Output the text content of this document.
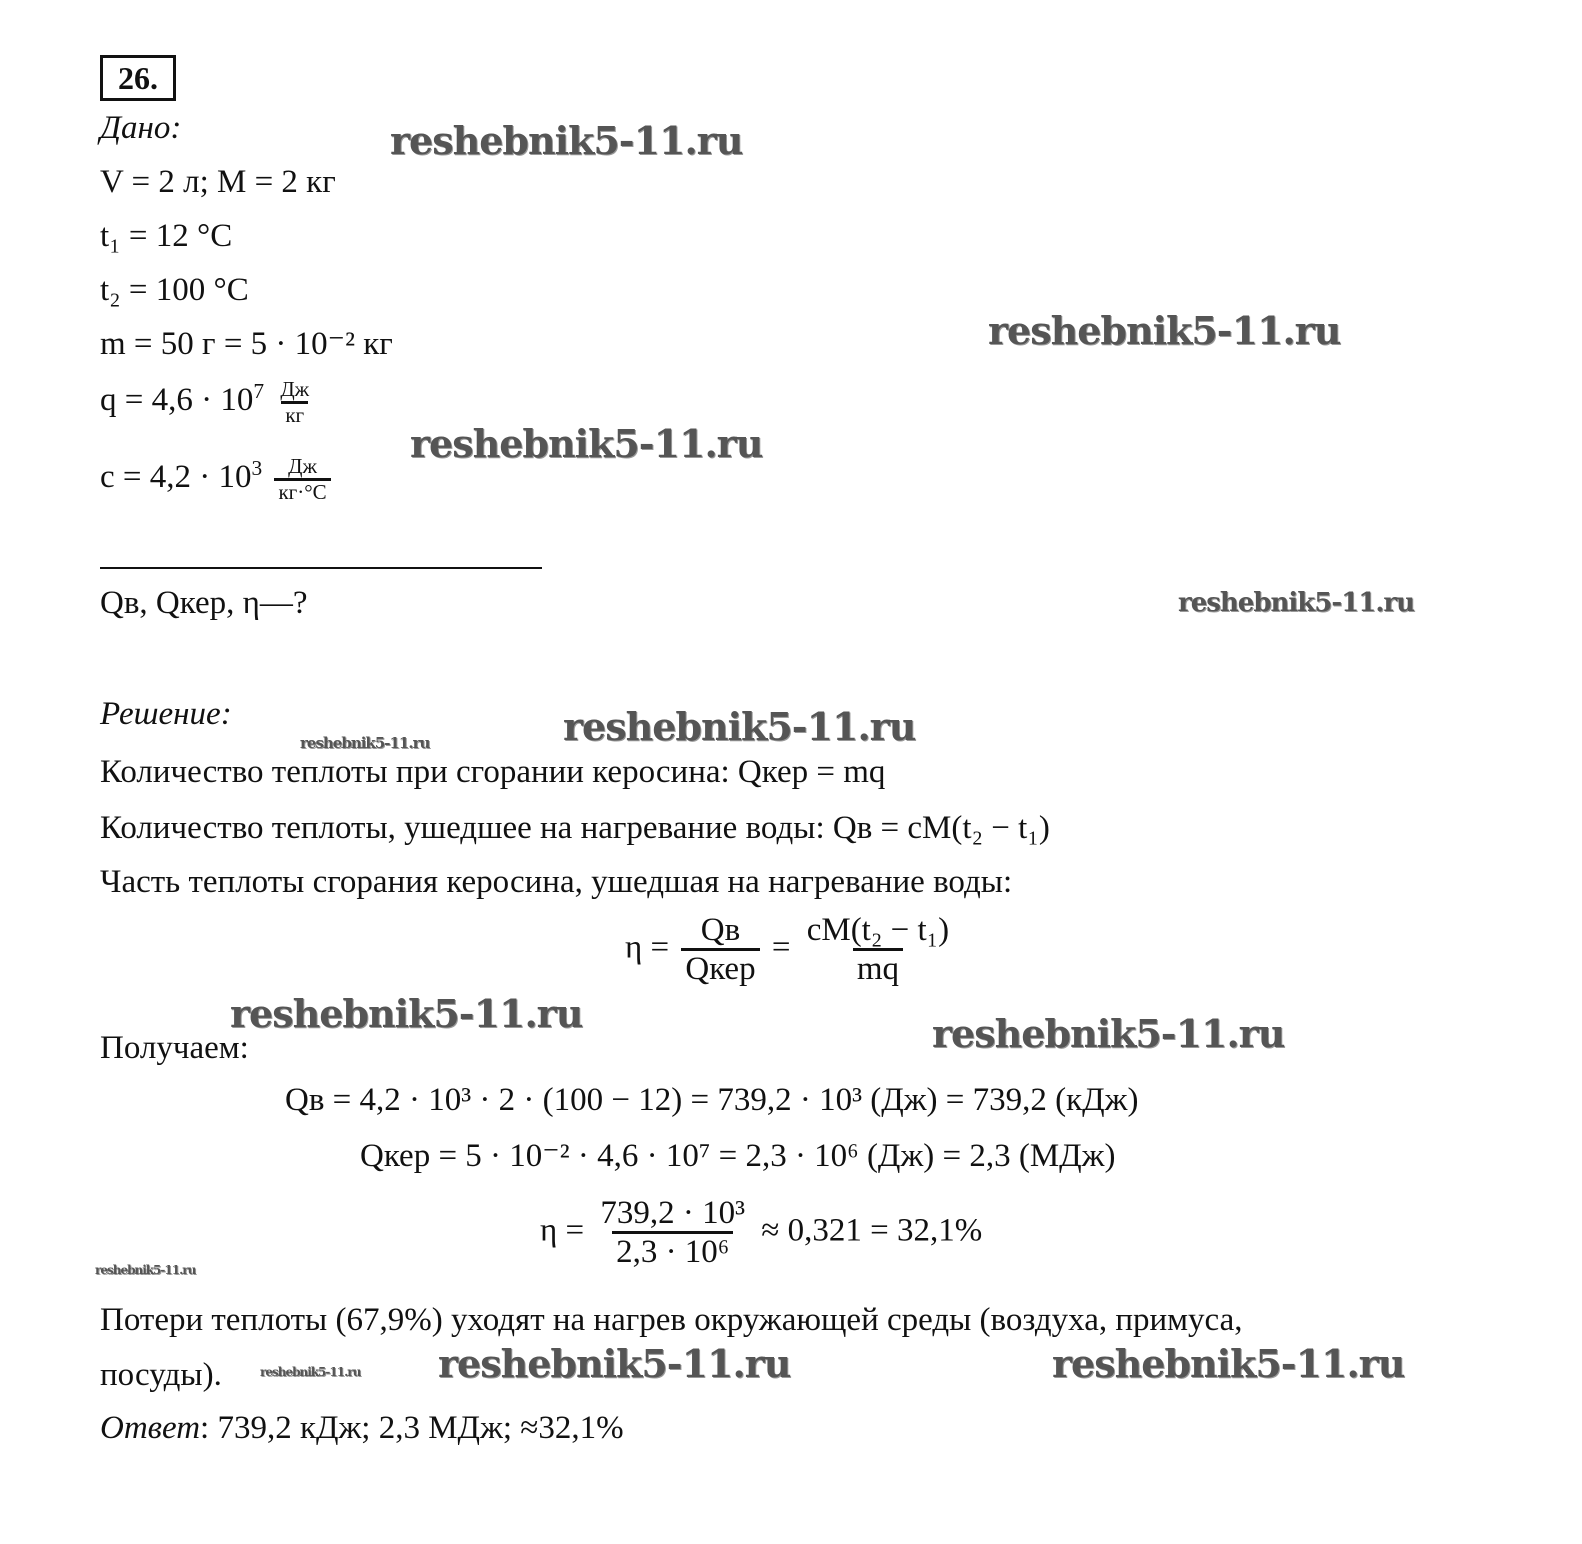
26.
Дано:
V = 2 л; M = 2 кг
t₁ = 12 °C
t₂ = 100 °C
m = 50 г = 5 · 10⁻² кг
$q = 4,6 \cdot 10^7 \frac{Дж}{кг}$
$c = 4,2 \cdot 10^3 \frac{Дж}{кг\cdot^\circ C}$
Qв, Qкер, η—?
Решение:
Количество теплоты при сгорании керосина: Qкер = mq
Количество теплоты, ушедшее на нагревание воды: Qв = cM(t₂ − t₁)
Часть теплоты сгорания керосина, ушедшая на нагревание воды:
$\eta = \frac{Qв}{\text{Qкер}} = \frac{\text{cM(t₂ − t₁)}}{mq}$
Получаем:
Qв = 4,2 · 10³ · 2 · (100 − 12) = 739,2 · 10³ (Дж) = 739,2 (кДж)
Qкер = 5 · 10⁻² · 4,6 · 10⁷ = 2,3 · 10⁶ (Дж) = 2,3 (МДж)
$\eta = \frac{\text{739,2 · 10³}}{\text{2,3 · 10⁶}} \approx 0,321 = 32,1\%$
Потери теплоты (67,9%) уходят на нагрев окружающей среды (воздуха, примуса,
посуды).
Ответ: 739,2 кДж; 2,3 МДж; ≈32,1%
reshebnik5-11.ru
reshebnik5-11.ru
reshebnik5-11.ru
reshebnik5-11.ru
reshebnik5-11.ru
reshebnik5-11.ru
reshebnik5-11.ru	reshebnik5-11.ru
reshebnik5-11.ru
reshebnik5-11.ru reshebnik5-11.ru	reshebnik5-11.ru
